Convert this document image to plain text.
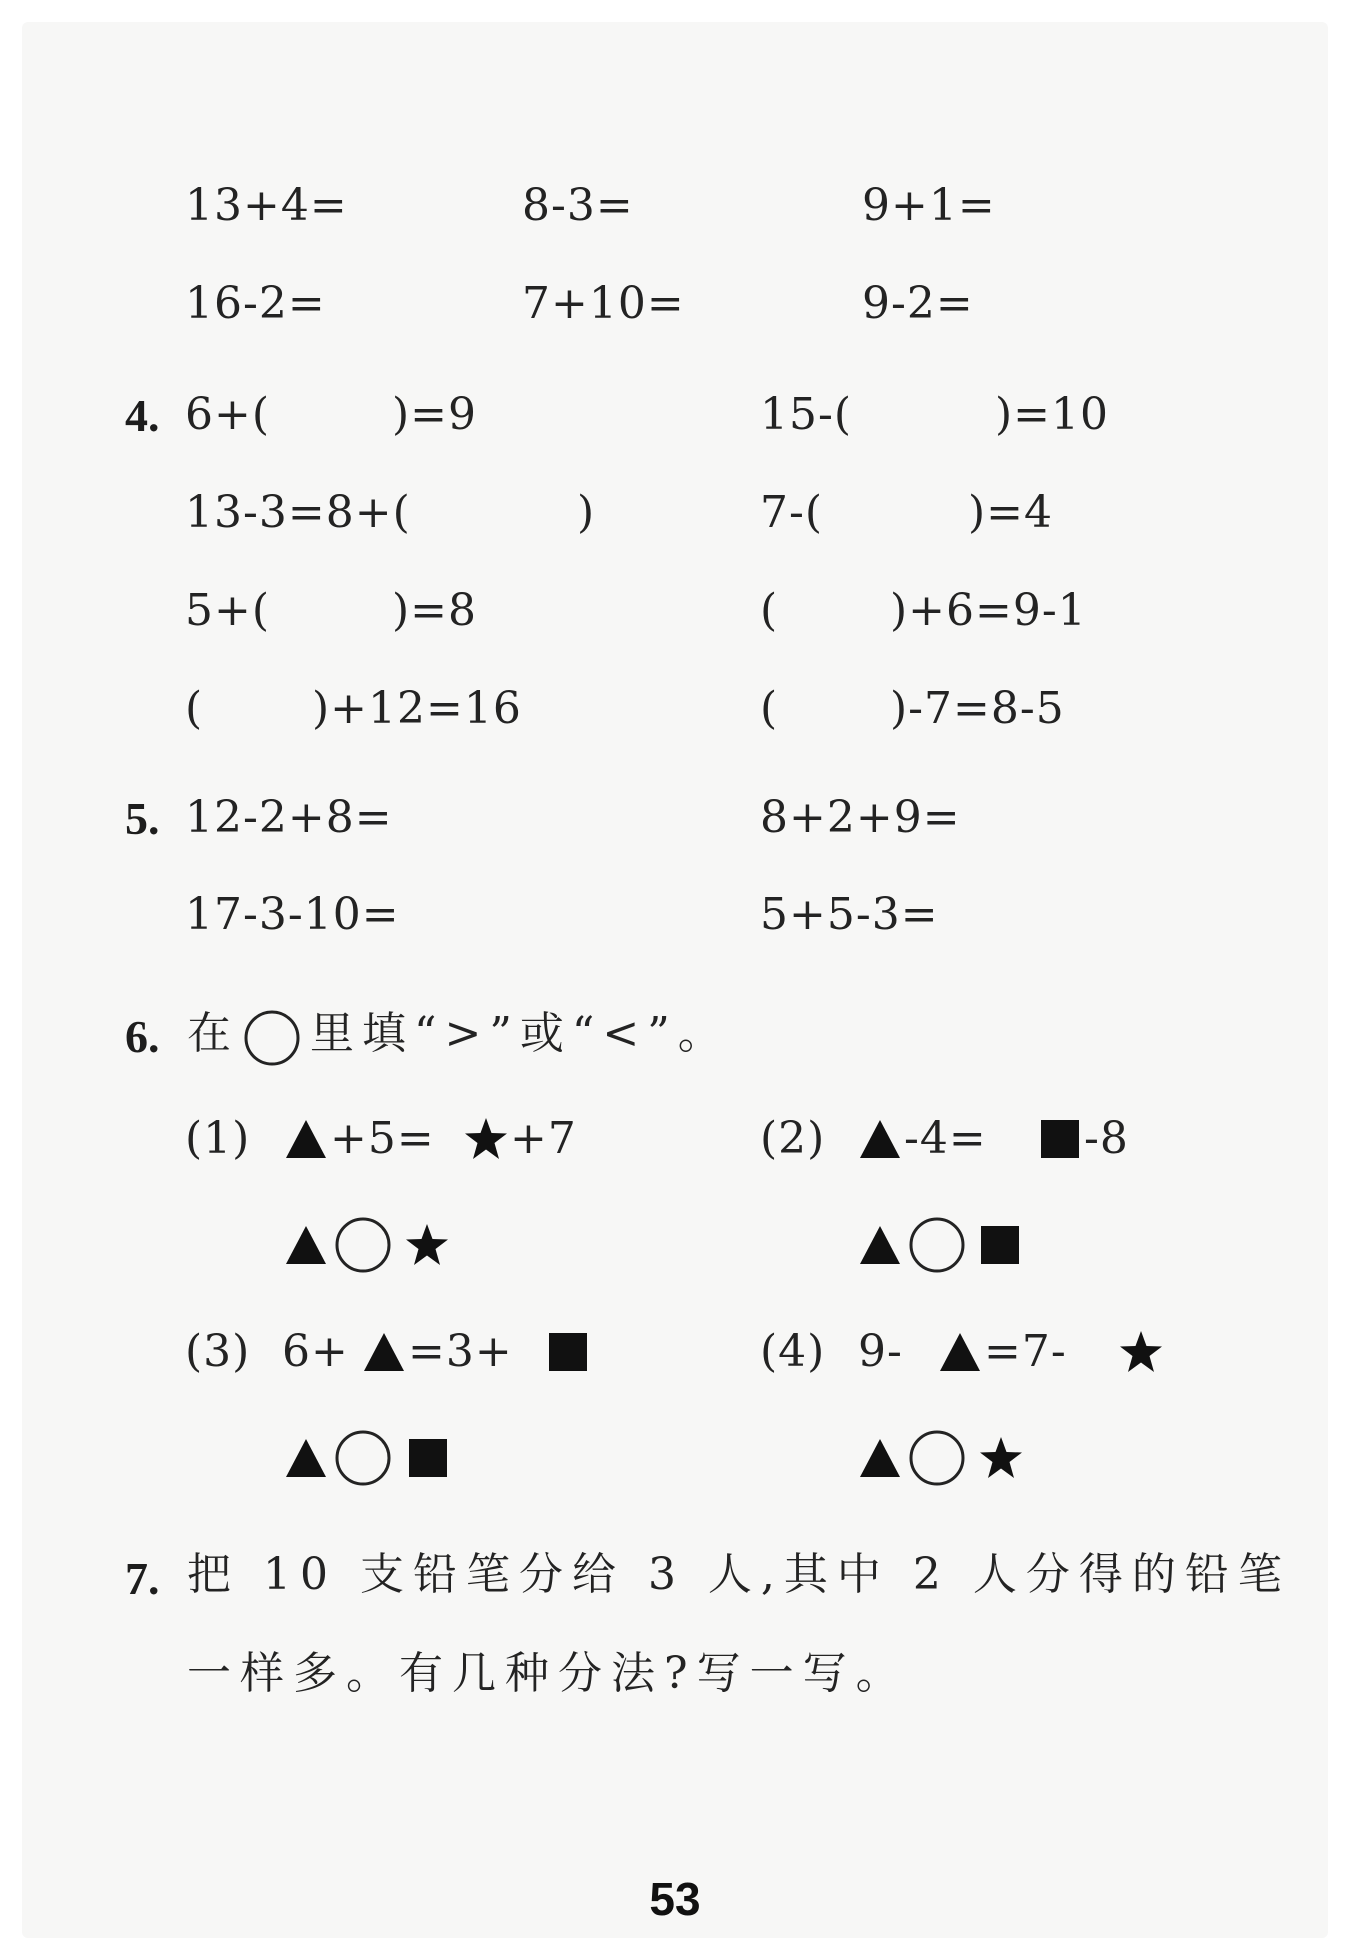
13+4=	8-3=	9+1=
16-2=	7+10=	9-2=
4. 6+(	)=9	15-(	)=10
13-3=8+(	)	7-(	)=4
5+(	)=8	(	)+6=9-1
( )+12=16	(	)-7=8-5
5. 12-2+8=	8+2+9=
17-3-10=	5+5-3=
6. 在 里填“>”或“<”。
(1) +5= +7	(2) -4= -8
(3) 6+ =3+	(4) 9- =7-
7. 把 10 支铅笔分给 3 人,其中 2 人分得的铅笔
一样多。有几种分法?写一写。
53
